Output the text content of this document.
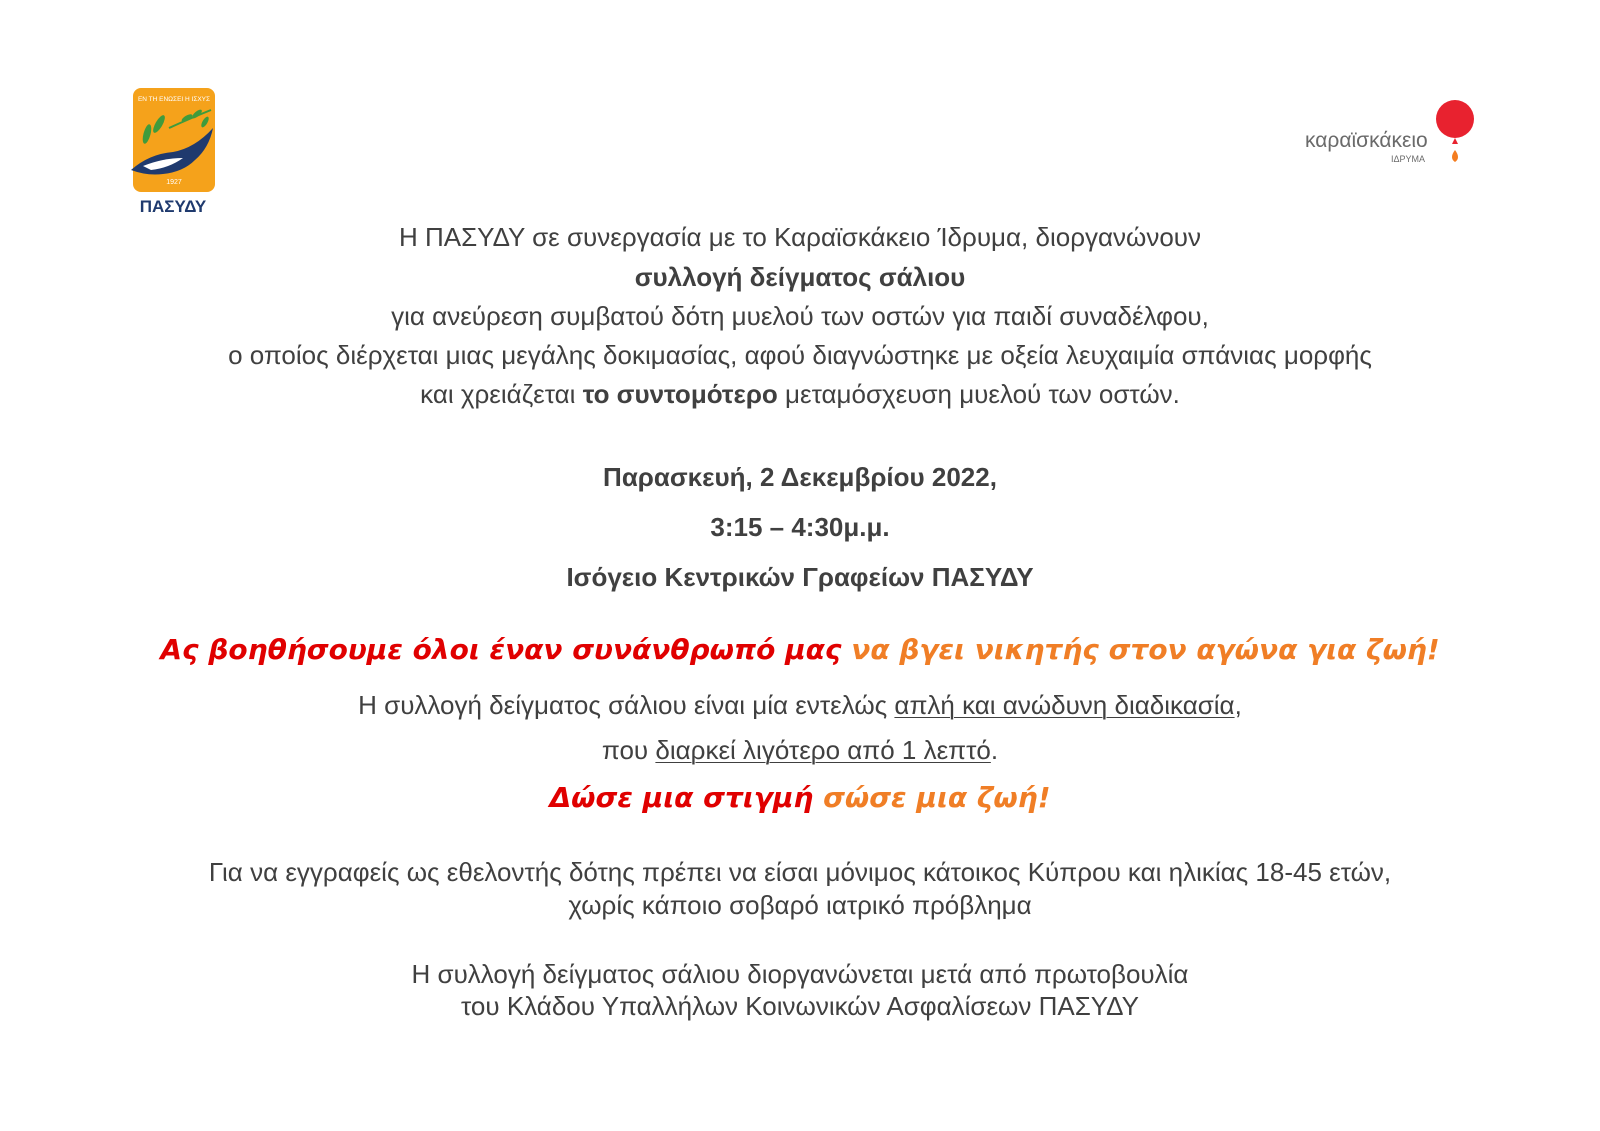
ΕΝ ΤΗ ΕΝΩΣΕΙ Η ΙΣΧΥΣ
1927
ΠΑΣΥΔΥ
καραϊσκάκειο
ΙΔΡΥΜΑ
Η ΠΑΣΥΔΥ σε συνεργασία με το Καραϊσκάκειο Ίδρυμα, διοργανώνουν
συλλογή δείγματος σάλιου
για ανεύρεση συμβατού δότη μυελού των οστών για παιδί συναδέλφου,
ο οποίος διέρχεται μιας μεγάλης δοκιμασίας, αφού διαγνώστηκε με οξεία λευχαιμία σπάνιας μορφής
και χρειάζεται το συντομότερο μεταμόσχευση μυελού των οστών.
Παρασκευή, 2 Δεκεμβρίου 2022,
3:15 – 4:30μ.μ.
Ισόγειο Κεντρικών Γραφείων ΠΑΣΥΔΥ
Ας βοηθήσουμε όλοι έναν συνάνθρωπό μας να βγει νικητής στον αγώνα για ζωή!
Η συλλογή δείγματος σάλιου είναι μία εντελώς απλή και ανώδυνη διαδικασία,
που διαρκεί λιγότερο από 1 λεπτό.
Δώσε μια στιγμή σώσε μια ζωή!
Για να εγγραφείς ως εθελοντής δότης πρέπει να είσαι μόνιμος κάτοικος Κύπρου και ηλικίας 18-45 ετών,
χωρίς κάποιο σοβαρό ιατρικό πρόβλημα
Η συλλογή δείγματος σάλιου διοργανώνεται μετά από πρωτοβουλία
του Κλάδου Υπαλλήλων Κοινωνικών Ασφαλίσεων ΠΑΣΥΔΥ
